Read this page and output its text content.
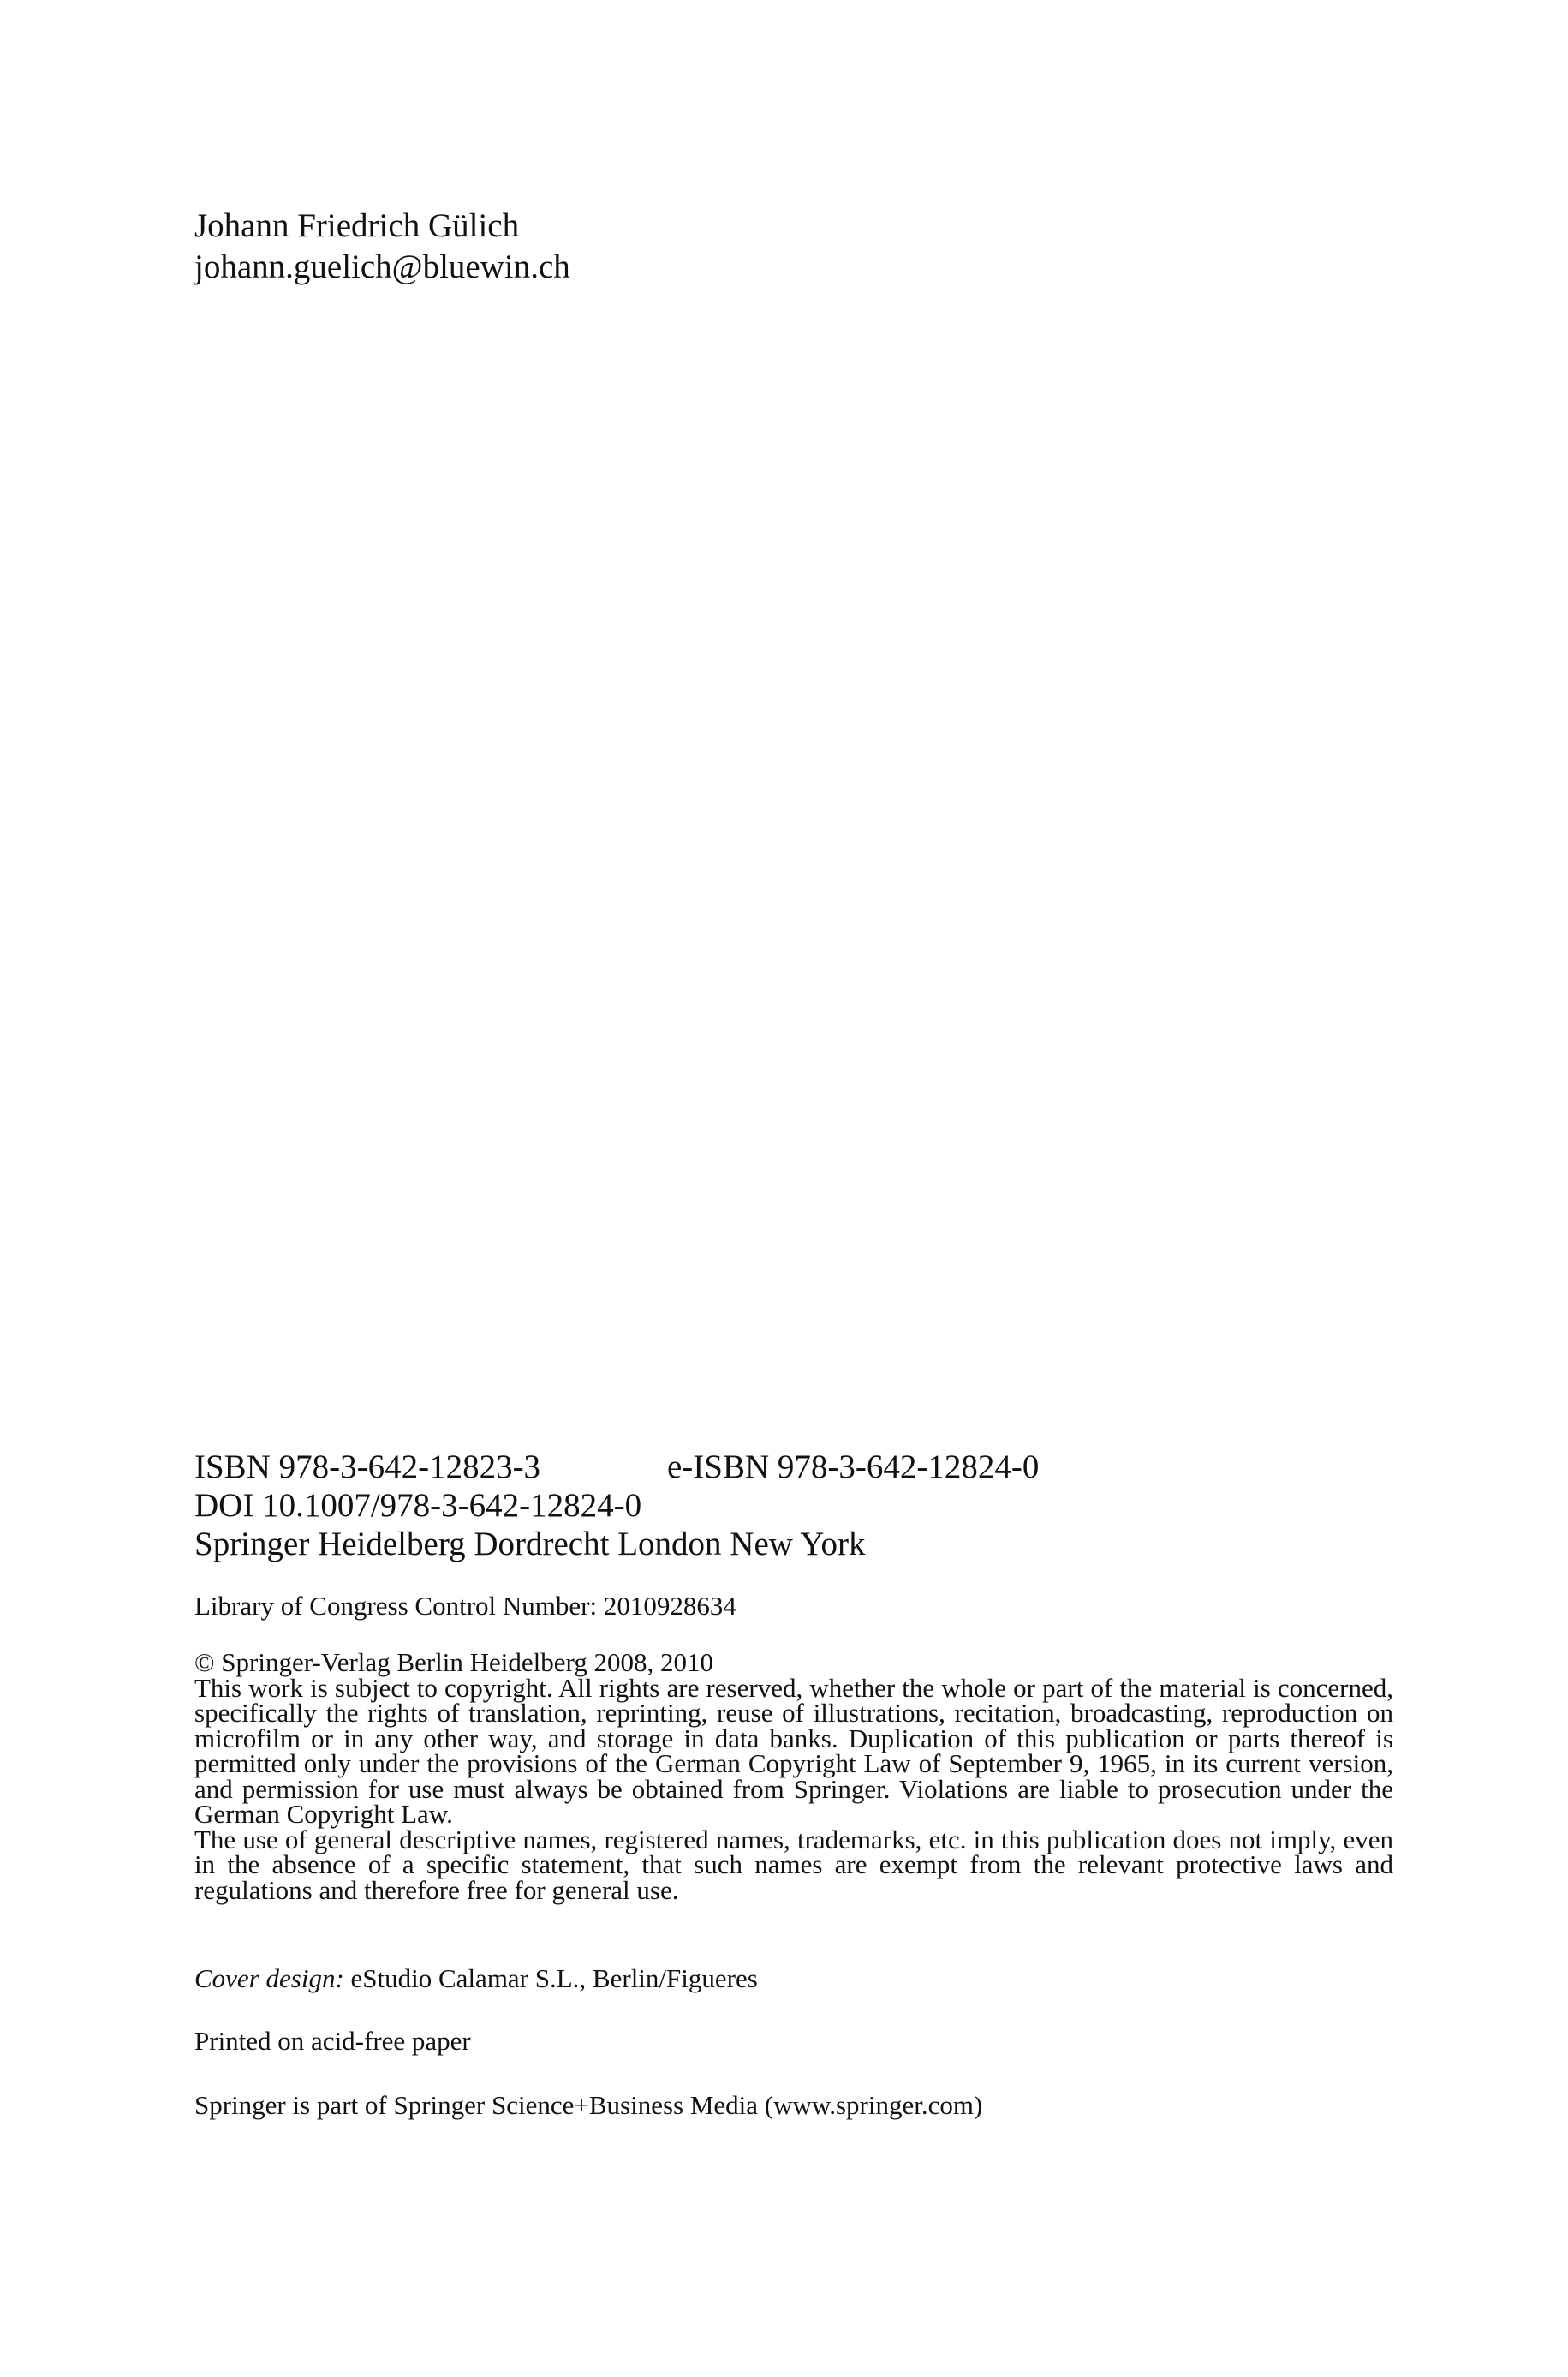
Johann Friedrich Gülich
johann.guelich@bluewin.ch
ISBN 978-3-642-12823-3	e-ISBN 978-3-642-12824-0
DOI 10.1007/978-3-642-12824-0
Springer Heidelberg Dordrecht London New York
Library of Congress Control Number: 2010928634

© Springer-Verlag Berlin Heidelberg 2008, 2010

This work is subject to copyright. All rights are reserved, whether the whole or part of the material is concerned, specifically the rights of translation, reprinting, reuse of illustrations, recitation, broadcasting, reproduction on microfilm or in any other way, and storage in data banks. Duplication of this publication or parts thereof is permitted only under the provisions of the German Copyright Law of September 9, 1965, in its current version, and permission for use must always be obtained from Springer. Violations are liable to prosecution under the German Copyright Law.

The use of general descriptive names, registered names, trademarks, etc. in this publication does not imply, even in the absence of a specific statement, that such names are exempt from the relevant protective laws and regulations and therefore free for general use.

Cover design: eStudio Calamar S.L., Berlin/Figueres
Printed on acid-free paper
Springer is part of Springer Science+Business Media (www.springer.com)
